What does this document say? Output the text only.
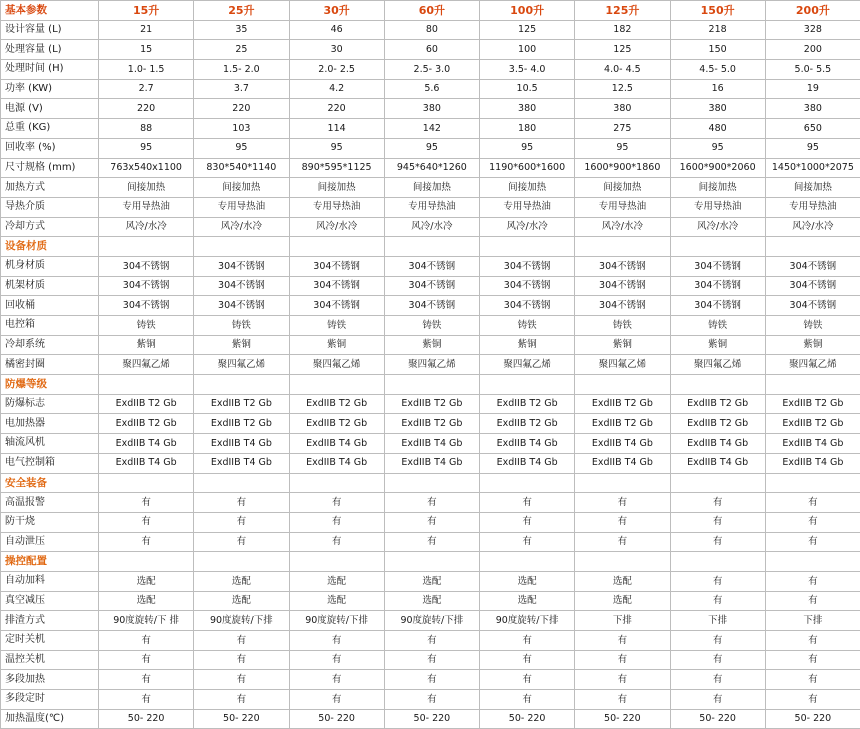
基本参数	15升	25升	30升	60升	100升	125升	150升	200升
设计容量 (L)	21	35	46	80	125	182	218	328
处理容量 (L)	15	25	30	60	100	125	150	200
处理时间 (H)	1.0- 1.5	1.5- 2.0	2.0- 2.5	2.5- 3.0	3.5- 4.0	4.0- 4.5	4.5- 5.0	5.0- 5.5
功率 (KW)	2.7	3.7	4.2	5.6	10.5	12.5	16	19
电源 (V)	220	220	220	380	380	380	380	380
总重 (KG)	88	103	114	142	180	275	480	650
回收率 (%)	95	95	95	95	95	95	95	95
尺寸规格 (mm)	763x540x1100	830*540*1140	890*595*1125	945*640*1260	1190*600*1600	1600*900*1860	1600*900*2060	1450*1000*2075
加热方式	间接加热	间接加热	间接加热	间接加热	间接加热	间接加热	间接加热	间接加热
导热介质	专用导热油	专用导热油	专用导热油	专用导热油	专用导热油	专用导热油	专用导热油	专用导热油
冷却方式	风冷/水冷	风冷/水冷	风冷/水冷	风冷/水冷	风冷/水冷	风冷/水冷	风冷/水冷	风冷/水冷
设备材质								
机身材质	304不锈钢	304不锈钢	304不锈钢	304不锈钢	304不锈钢	304不锈钢	304不锈钢	304不锈钢
机架材质	304不锈钢	304不锈钢	304不锈钢	304不锈钢	304不锈钢	304不锈钢	304不锈钢	304不锈钢
回收桶	304不锈钢	304不锈钢	304不锈钢	304不锈钢	304不锈钢	304不锈钢	304不锈钢	304不锈钢
电控箱	铸铁	铸铁	铸铁	铸铁	铸铁	铸铁	铸铁	铸铁
冷却系统	紫铜	紫铜	紫铜	紫铜	紫铜	紫铜	紫铜	紫铜
橘密封圈	聚四氟乙烯	聚四氟乙烯	聚四氟乙烯	聚四氟乙烯	聚四氟乙烯	聚四氟乙烯	聚四氟乙烯	聚四氟乙烯
防爆等级								
防爆标志	ExdIIB T2 Gb	ExdIIB T2 Gb	ExdIIB T2 Gb	ExdIIB T2 Gb	ExdIIB T2 Gb	ExdIIB T2 Gb	ExdIIB T2 Gb	ExdIIB T2 Gb
电加热器	ExdIIB T2 Gb	ExdIIB T2 Gb	ExdIIB T2 Gb	ExdIIB T2 Gb	ExdIIB T2 Gb	ExdIIB T2 Gb	ExdIIB T2 Gb	ExdIIB T2 Gb
轴流风机	ExdIIB T4 Gb	ExdIIB T4 Gb	ExdIIB T4 Gb	ExdIIB T4 Gb	ExdIIB T4 Gb	ExdIIB T4 Gb	ExdIIB T4 Gb	ExdIIB T4 Gb
电气控制箱	ExdIIB T4 Gb	ExdIIB T4 Gb	ExdIIB T4 Gb	ExdIIB T4 Gb	ExdIIB T4 Gb	ExdIIB T4 Gb	ExdIIB T4 Gb	ExdIIB T4 Gb
安全装备								
高温报警	有	有	有	有	有	有	有	有
防干烧	有	有	有	有	有	有	有	有
自动泄压	有	有	有	有	有	有	有	有
操控配置								
自动加料	选配	选配	选配	选配	选配	选配	有	有
真空减压	选配	选配	选配	选配	选配	选配	有	有
排渣方式	90度旋转/下 排	90度旋转/下排	90度旋转/下排	90度旋转/下排	90度旋转/下排	下排	下排	下排
定时关机	有	有	有	有	有	有	有	有
温控关机	有	有	有	有	有	有	有	有
多段加热	有	有	有	有	有	有	有	有
多段定时	有	有	有	有	有	有	有	有
加热温度(℃)	50- 220	50- 220	50- 220	50- 220	50- 220	50- 220	50- 220	50- 220
